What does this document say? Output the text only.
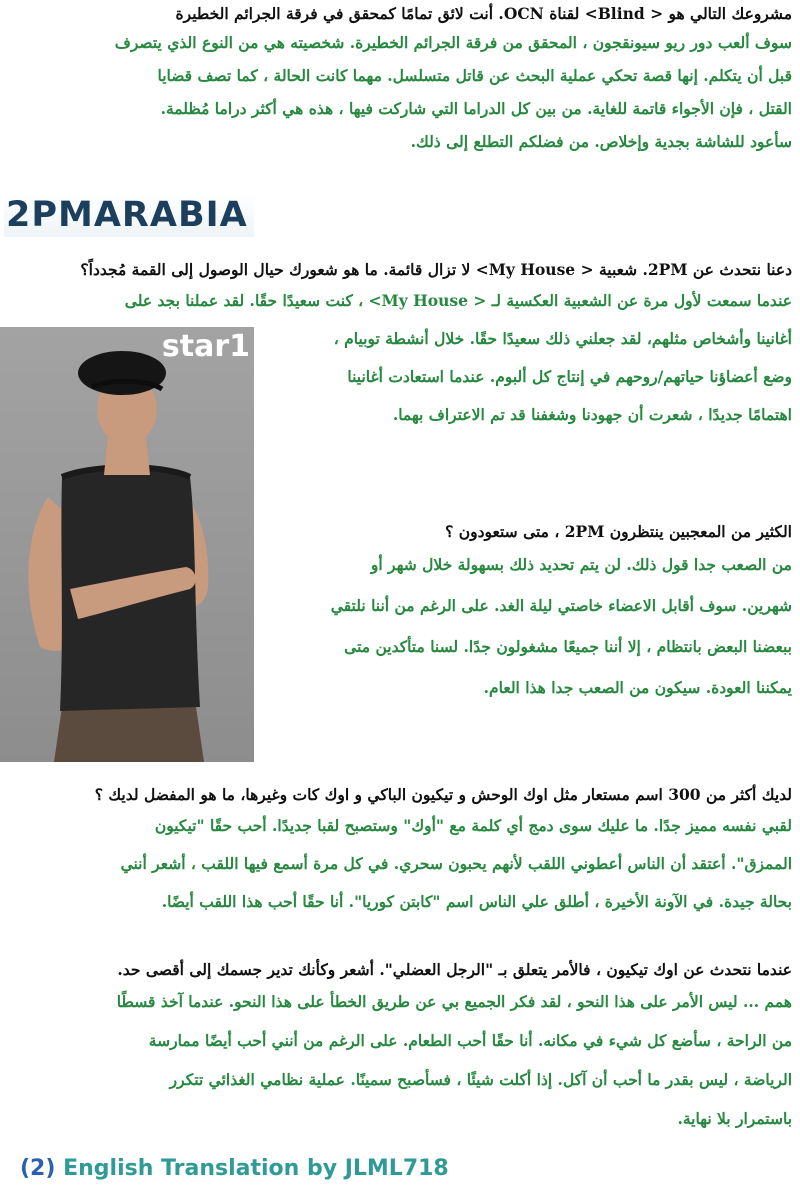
مشروعك التالي هو < Blind> لقناة OCN. أنت لائق تمامًا كمحقق في فرقة الجرائم الخطيرة
سوف ألعب دور ريو سيونقجون ، المحقق من فرقة الجرائم الخطيرة. شخصيته هي من النوع الذي يتصرف
قبل أن يتكلم. إنها قصة تحكي عملية البحث عن قاتل متسلسل. مهما كانت الحالة ، كما تصف قضايا
القتل ، فإن الأجواء قاتمة للغاية. من بين كل الدراما التي شاركت فيها ، هذه هي أكثر دراما مُظلمة.
سأعود للشاشة بجدية وإخلاص. من فضلكم التطلع إلى ذلك.
2PMARABIA
دعنا نتحدث عن 2PM. شعبية < My House> لا تزال قائمة. ما هو شعورك حيال الوصول إلى القمة مُجدداً؟
عندما سمعت لأول مرة عن الشعبية العكسية لـ < My House> ، كنت سعيدًا حقًا. لقد عملنا بجد على
أغانينا وأشخاص مثلهم، لقد جعلني ذلك سعيدًا حقًا. خلال أنشطة توبيام ،
وضع أعضاؤنا حياتهم/روحهم في إنتاج كل ألبوم. عندما استعادت أغانينا
اهتمامًا جديدًا ، شعرت أن جهودنا وشغفنا قد تم الاعتراف بهما.
star1
الكثير من المعجبين ينتظرون 2PM ، متى ستعودون ؟
من الصعب جدا قول ذلك. لن يتم تحديد ذلك بسهولة خلال شهر أو
شهرين. سوف أقابل الاعضاء خاصتي ليلة الغد. على الرغم من أننا نلتقي
ببعضنا البعض بانتظام ، إلا أننا جميعًا مشغولون جدًا. لسنا متأكدين متى
يمكننا العودة. سيكون من الصعب جدا هذا العام.
لديك أكثر من 300 اسم مستعار مثل اوك الوحش و تيكيون الباكي و اوك كات وغيرها، ما هو المفضل لديك ؟
لقبي نفسه مميز جدًا. ما عليك سوى دمج أي كلمة مع "أوك" وستصبح لقبا جديدًا. أحب حقًا "تيكيون
الممزق". أعتقد أن الناس أعطوني اللقب لأنهم يحبون سحري. في كل مرة أسمع فيها اللقب ، أشعر أنني
بحالة جيدة. في الآونة الأخيرة ، أطلق علي الناس اسم "كابتن كوريا". أنا حقًا أحب هذا اللقب أيضًا.
عندما نتحدث عن اوك تيكيون ، فالأمر يتعلق بـ "الرجل العضلي". أشعر وكأنك تدير جسمك إلى أقصى حد.
همم ... ليس الأمر على هذا النحو ، لقد فكر الجميع بي عن طريق الخطأ على هذا النحو. عندما آخذ قسطًا
من الراحة ، سأضع كل شيء في مكانه. أنا حقًا أحب الطعام. على الرغم من أنني أحب أيضًا ممارسة
الرياضة ، ليس بقدر ما أحب أن آكل. إذا أكلت شيئًا ، فسأصبح سمينًا. عملية نظامي الغذائي تتكرر
باستمرار بلا نهاية.
(2) English Translation by JLML718
